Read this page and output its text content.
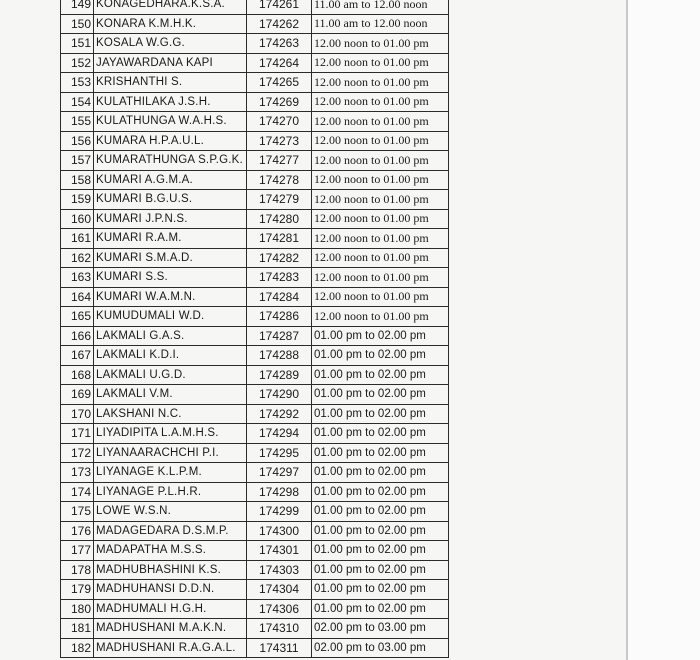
149	KONAGEDHARA.K.S.A.	174261	11.00 am to 12.00 noon
150	KONARA K.M.H.K.	174262	11.00 am to 12.00 noon
151	KOSALA W.G.G.	174263	12.00 noon to 01.00 pm
152	JAYAWARDANA KAPI	174264	12.00 noon to 01.00 pm
153	KRISHANTHI S.	174265	12.00 noon to 01.00 pm
154	KULATHILAKA J.S.H.	174269	12.00 noon to 01.00 pm
155	KULATHUNGA W.A.H.S.	174270	12.00 noon to 01.00 pm
156	KUMARA H.P.A.U.L.	174273	12.00 noon to 01.00 pm
157	KUMARATHUNGA S.P.G.K.	174277	12.00 noon to 01.00 pm
158	KUMARI A.G.M.A.	174278	12.00 noon to 01.00 pm
159	KUMARI B.G.U.S.	174279	12.00 noon to 01.00 pm
160	KUMARI J.P.N.S.	174280	12.00 noon to 01.00 pm
161	KUMARI R.A.M.	174281	12.00 noon to 01.00 pm
162	KUMARI S.M.A.D.	174282	12.00 noon to 01.00 pm
163	KUMARI S.S.	174283	12.00 noon to 01.00 pm
164	KUMARI W.A.M.N.	174284	12.00 noon to 01.00 pm
165	KUMUDUMALI W.D.	174286	12.00 noon to 01.00 pm
166	LAKMALI G.A.S.	174287	01.00 pm to 02.00 pm
167	LAKMALI K.D.I.	174288	01.00 pm to 02.00 pm
168	LAKMALI U.G.D.	174289	01.00 pm to 02.00 pm
169	LAKMALI V.M.	174290	01.00 pm to 02.00 pm
170	LAKSHANI N.C.	174292	01.00 pm to 02.00 pm
171	LIYADIPITA L.A.M.H.S.	174294	01.00 pm to 02.00 pm
172	LIYANAARACHCHI P.I.	174295	01.00 pm to 02.00 pm
173	LIYANAGE K.L.P.M.	174297	01.00 pm to 02.00 pm
174	LIYANAGE P.L.H.R.	174298	01.00 pm to 02.00 pm
175	LOWE W.S.N.	174299	01.00 pm to 02.00 pm
176	MADAGEDARA D.S.M.P.	174300	01.00 pm to 02.00 pm
177	MADAPATHA M.S.S.	174301	01.00 pm to 02.00 pm
178	MADHUBHASHINI K.S.	174303	01.00 pm to 02.00 pm
179	MADHUHANSI D.D.N.	174304	01.00 pm to 02.00 pm
180	MADHUMALI H.G.H.	174306	01.00 pm to 02.00 pm
181	MADHUSHANI M.A.K.N.	174310	02.00 pm to 03.00 pm
182	MADHUSHANI R.A.G.A.L.	174311	02.00 pm to 03.00 pm
